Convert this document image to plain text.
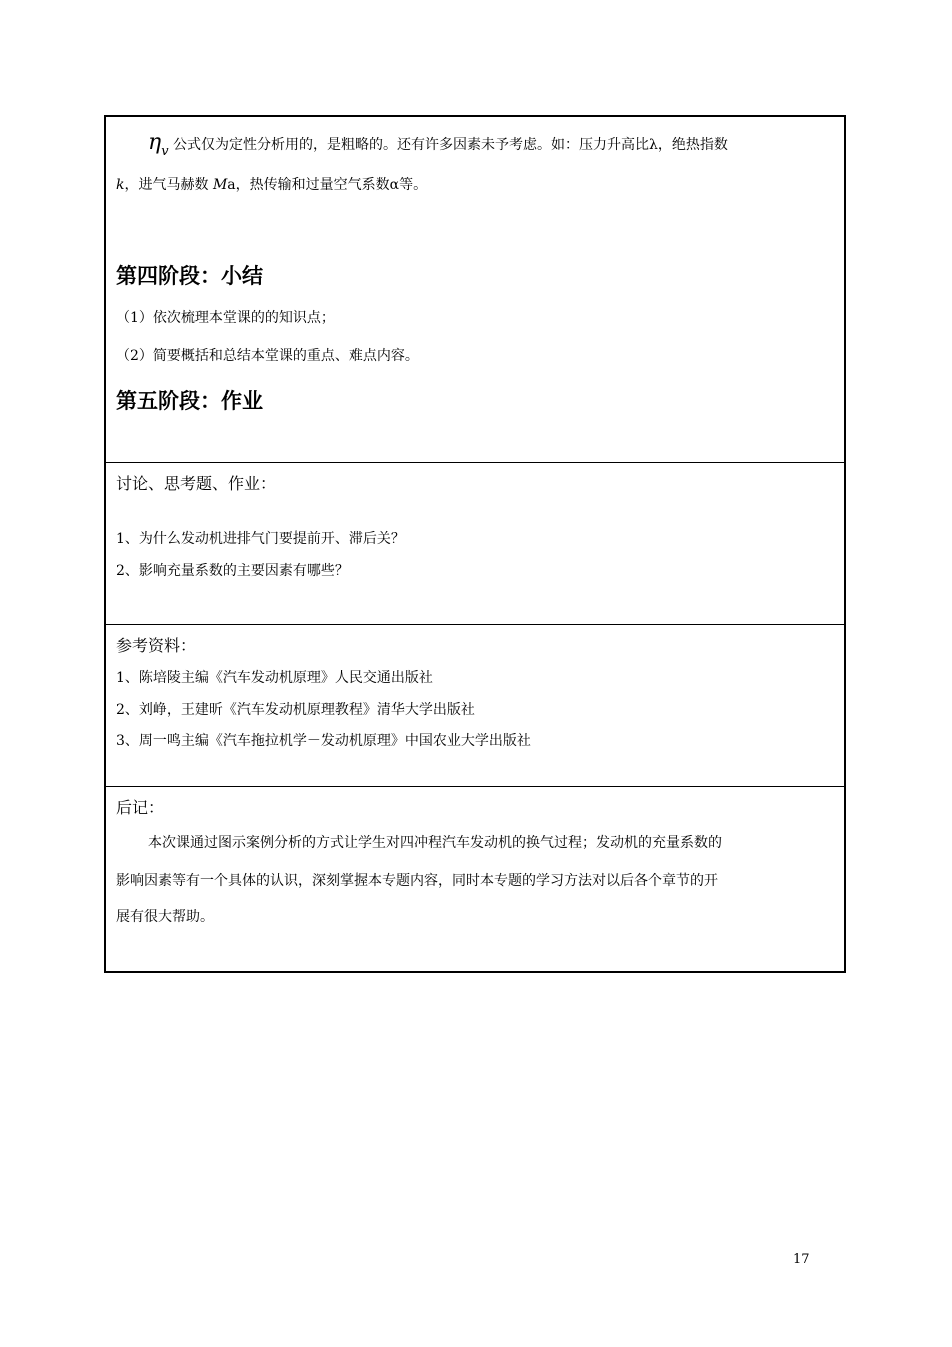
$\eta_v$ 公式仅为定性分析用的，是粗略的。还有许多因素未予考虑。如：压力升高比λ，绝热指数
k，进气马赫数 Ma，热传输和过量空气系数α等。
第四阶段：小结
（1）依次梳理本堂课的的知识点；
（2）简要概括和总结本堂课的重点、难点内容。
第五阶段：作业
讨论、思考题、作业：
1、为什么发动机进排气门要提前开、滞后关？
2、影响充量系数的主要因素有哪些？
参考资料：
1、陈培陵主编《汽车发动机原理》人民交通出版社
2、刘峥，王建昕《汽车发动机原理教程》清华大学出版社
3、周一鸣主编《汽车拖拉机学－发动机原理》中国农业大学出版社
后记：
本次课通过图示案例分析的方式让学生对四冲程汽车发动机的换气过程；发动机的充量系数的
影响因素等有一个具体的认识，深刻掌握本专题内容，同时本专题的学习方法对以后各个章节的开
展有很大帮助。
17
